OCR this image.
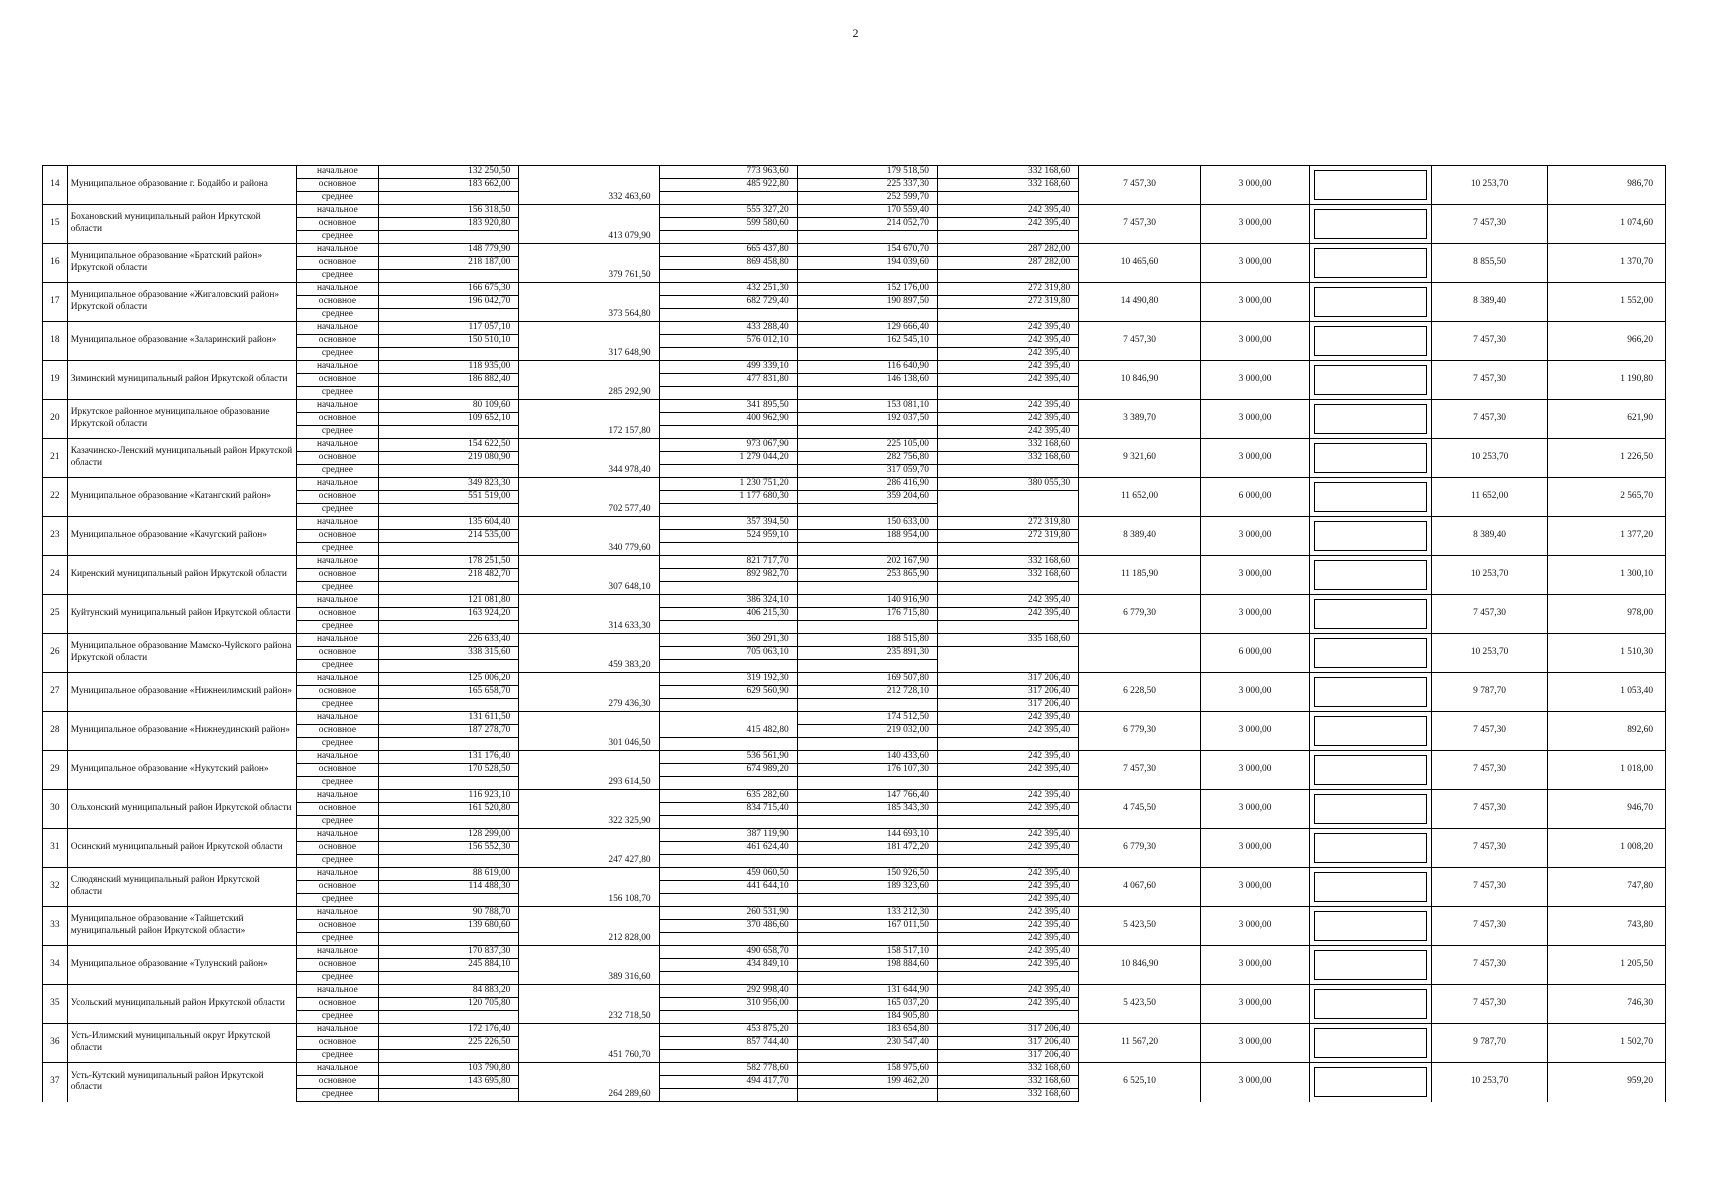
2
14	Муниципальное образование г. Бодайбо и района	начальное	132 250,50		773 963,60	179 518,50	332 168,60	7 457,30	3 000,00		10 253,70	986,70
		основное	183 662,00		485 922,80	225 337,30	332 168,60					
		среднее		332 463,60		252 599,70						
15	Бохановский муниципальный район Иркутской области	начальное	156 318,50		555 327,20	170 559,40	242 395,40	7 457,30	3 000,00		7 457,30	1 074,60
		основное	183 920,80		599 580,60	214 052,70	242 395,40					
		среднее		413 079,90								
16	Муниципальное образование «Братский район» Иркутской области	начальное	148 779,90		665 437,80	154 670,70	287 282,00	10 465,60	3 000,00		8 855,50	1 370,70
		основное	218 187,00		869 458,80	194 039,60	287 282,00					
		среднее		379 761,50								
17	Муниципальное образование «Жигаловский район» Иркутской области	начальное	166 675,30		432 251,30	152 176,00	272 319,80	14 490,80	3 000,00		8 389,40	1 552,00
		основное	196 042,70		682 729,40	190 897,50	272 319,80					
		среднее		373 564,80								
18	Муниципальное образование «Заларинский район»	начальное	117 057,10		433 288,40	129 666,40	242 395,40	7 457,30	3 000,00		7 457,30	966,20
		основное	150 510,10		576 012,10	162 545,10	242 395,40					
		среднее		317 648,90			242 395,40					
19	Зиминский муниципальный район Иркутской области	начальное	118 935,00		499 339,10	116 640,90	242 395,40	10 846,90	3 000,00		7 457,30	1 190,80
		основное	186 882,40		477 831,80	146 138,60	242 395,40					
		среднее		285 292,90								
20	Иркутское районное муниципальное образование Иркутской области	начальное	80 109,60		341 895,50	153 081,10	242 395,40	3 389,70	3 000,00		7 457,30	621,90
		основное	109 652,10		400 962,90	192 037,50	242 395,40					
		среднее		172 157,80			242 395,40					
21	Казачинско-Ленский муниципальный район Иркутской области	начальное	154 622,50		973 067,90	225 105,00	332 168,60	9 321,60	3 000,00		10 253,70	1 226,50
		основное	219 080,90		1 279 044,20	282 756,80	332 168,60					
		среднее		344 978,40		317 059,70						
22	Муниципальное образование «Катангский район»	начальное	349 823,30		1 230 751,20	286 416,90	380 055,30	11 652,00	6 000,00		11 652,00	2 565,70
		основное	551 519,00		1 177 680,30	359 204,60						
		среднее		702 577,40								
23	Муниципальное образование «Качугский район»	начальное	135 604,40		357 394,50	150 633,00	272 319,80	8 389,40	3 000,00		8 389,40	1 377,20
		основное	214 535,00		524 959,10	188 954,00	272 319,80					
		среднее		340 779,60								
24	Киренский муниципальный район Иркутской области	начальное	178 251,50		821 717,70	202 167,90	332 168,60	11 185,90	3 000,00		10 253,70	1 300,10
		основное	218 482,70		892 982,70	253 865,90	332 168,60					
		среднее		307 648,10								
25	Куйтунский муниципальный район Иркутской области	начальное	121 081,80		386 324,10	140 916,90	242 395,40	6 779,30	3 000,00		7 457,30	978,00
		основное	163 924,20		406 215,30	176 715,80	242 395,40					
		среднее		314 633,30								
26	Муниципальное образование Мамско-Чуйского района Иркутской области	начальное	226 633,40		360 291,30	188 515,80	335 168,60		6 000,00		10 253,70	1 510,30
		основное	338 315,60		705 063,10	235 891,30						
		среднее		459 383,20								
27	Муниципальное образование «Нижнеилимский район»	начальное	125 006,20		319 192,30	169 507,80	317 206,40	6 228,50	3 000,00		9 787,70	1 053,40
		основное	165 658,70		629 560,90	212 728,10	317 206,40					
		среднее		279 436,30			317 206,40					
28	Муниципальное образование «Нижнеудинский район»	начальное	131 611,50			174 512,50	242 395,40	6 779,30	3 000,00		7 457,30	892,60
		основное	187 278,70		415 482,80	219 032,00	242 395,40					
		среднее		301 046,50								
29	Муниципальное образование «Нукутский район»	начальное	131 176,40		536 561,90	140 433,60	242 395,40	7 457,30	3 000,00		7 457,30	1 018,00
		основное	170 528,50		674 989,20	176 107,30	242 395,40					
		среднее		293 614,50								
30	Ольхонский муниципальный район Иркутской области	начальное	116 923,10		635 282,60	147 766,40	242 395,40	4 745,50	3 000,00		7 457,30	946,70
		основное	161 520,80		834 715,40	185 343,30	242 395,40					
		среднее		322 325,90								
31	Осинский муниципальный район Иркутской области	начальное	128 299,00		387 119,90	144 693,10	242 395,40	6 779,30	3 000,00		7 457,30	1 008,20
		основное	156 552,30		461 624,40	181 472,20	242 395,40					
		среднее		247 427,80								
32	Слюдянский муниципальный район Иркутской области	начальное	88 619,00		459 060,50	150 926,50	242 395,40	4 067,60	3 000,00		7 457,30	747,80
		основное	114 488,30		441 644,10	189 323,60	242 395,40					
		среднее		156 108,70			242 395,40					
33	Муниципальное образование «Тайшетский муниципальный район Иркутской области»	начальное	90 788,70		260 531,90	133 212,30	242 395,40	5 423,50	3 000,00		7 457,30	743,80
		основное	139 680,60		370 486,60	167 011,50	242 395,40					
		среднее		212 828,00			242 395,40					
34	Муниципальное образование «Тулунский район»	начальное	170 837,30		490 658,70	158 517,10	242 395,40	10 846,90	3 000,00		7 457,30	1 205,50
		основное	245 884,10		434 849,10	198 884,60	242 395,40					
		среднее		389 316,60								
35	Усольский муниципальный район Иркутской области	начальное	84 883,20		292 998,40	131 644,90	242 395,40	5 423,50	3 000,00		7 457,30	746,30
		основное	120 705,80		310 956,00	165 037,20	242 395,40					
		среднее		232 718,50		184 905,80						
36	Усть-Илимский муниципальный округ Иркутской области	начальное	172 176,40		453 875,20	183 654,80	317 206,40	11 567,20	3 000,00		9 787,70	1 502,70
		основное	225 226,50		857 744,40	230 547,40	317 206,40					
		среднее		451 760,70			317 206,40					
37	Усть-Кутский муниципальный район Иркутской области	начальное	103 790,80		582 778,60	158 975,60	332 168,60	6 525,10	3 000,00		10 253,70	959,20
		основное	143 695,80		494 417,70	199 462,20	332 168,60					
		среднее		264 289,60			332 168,60					
